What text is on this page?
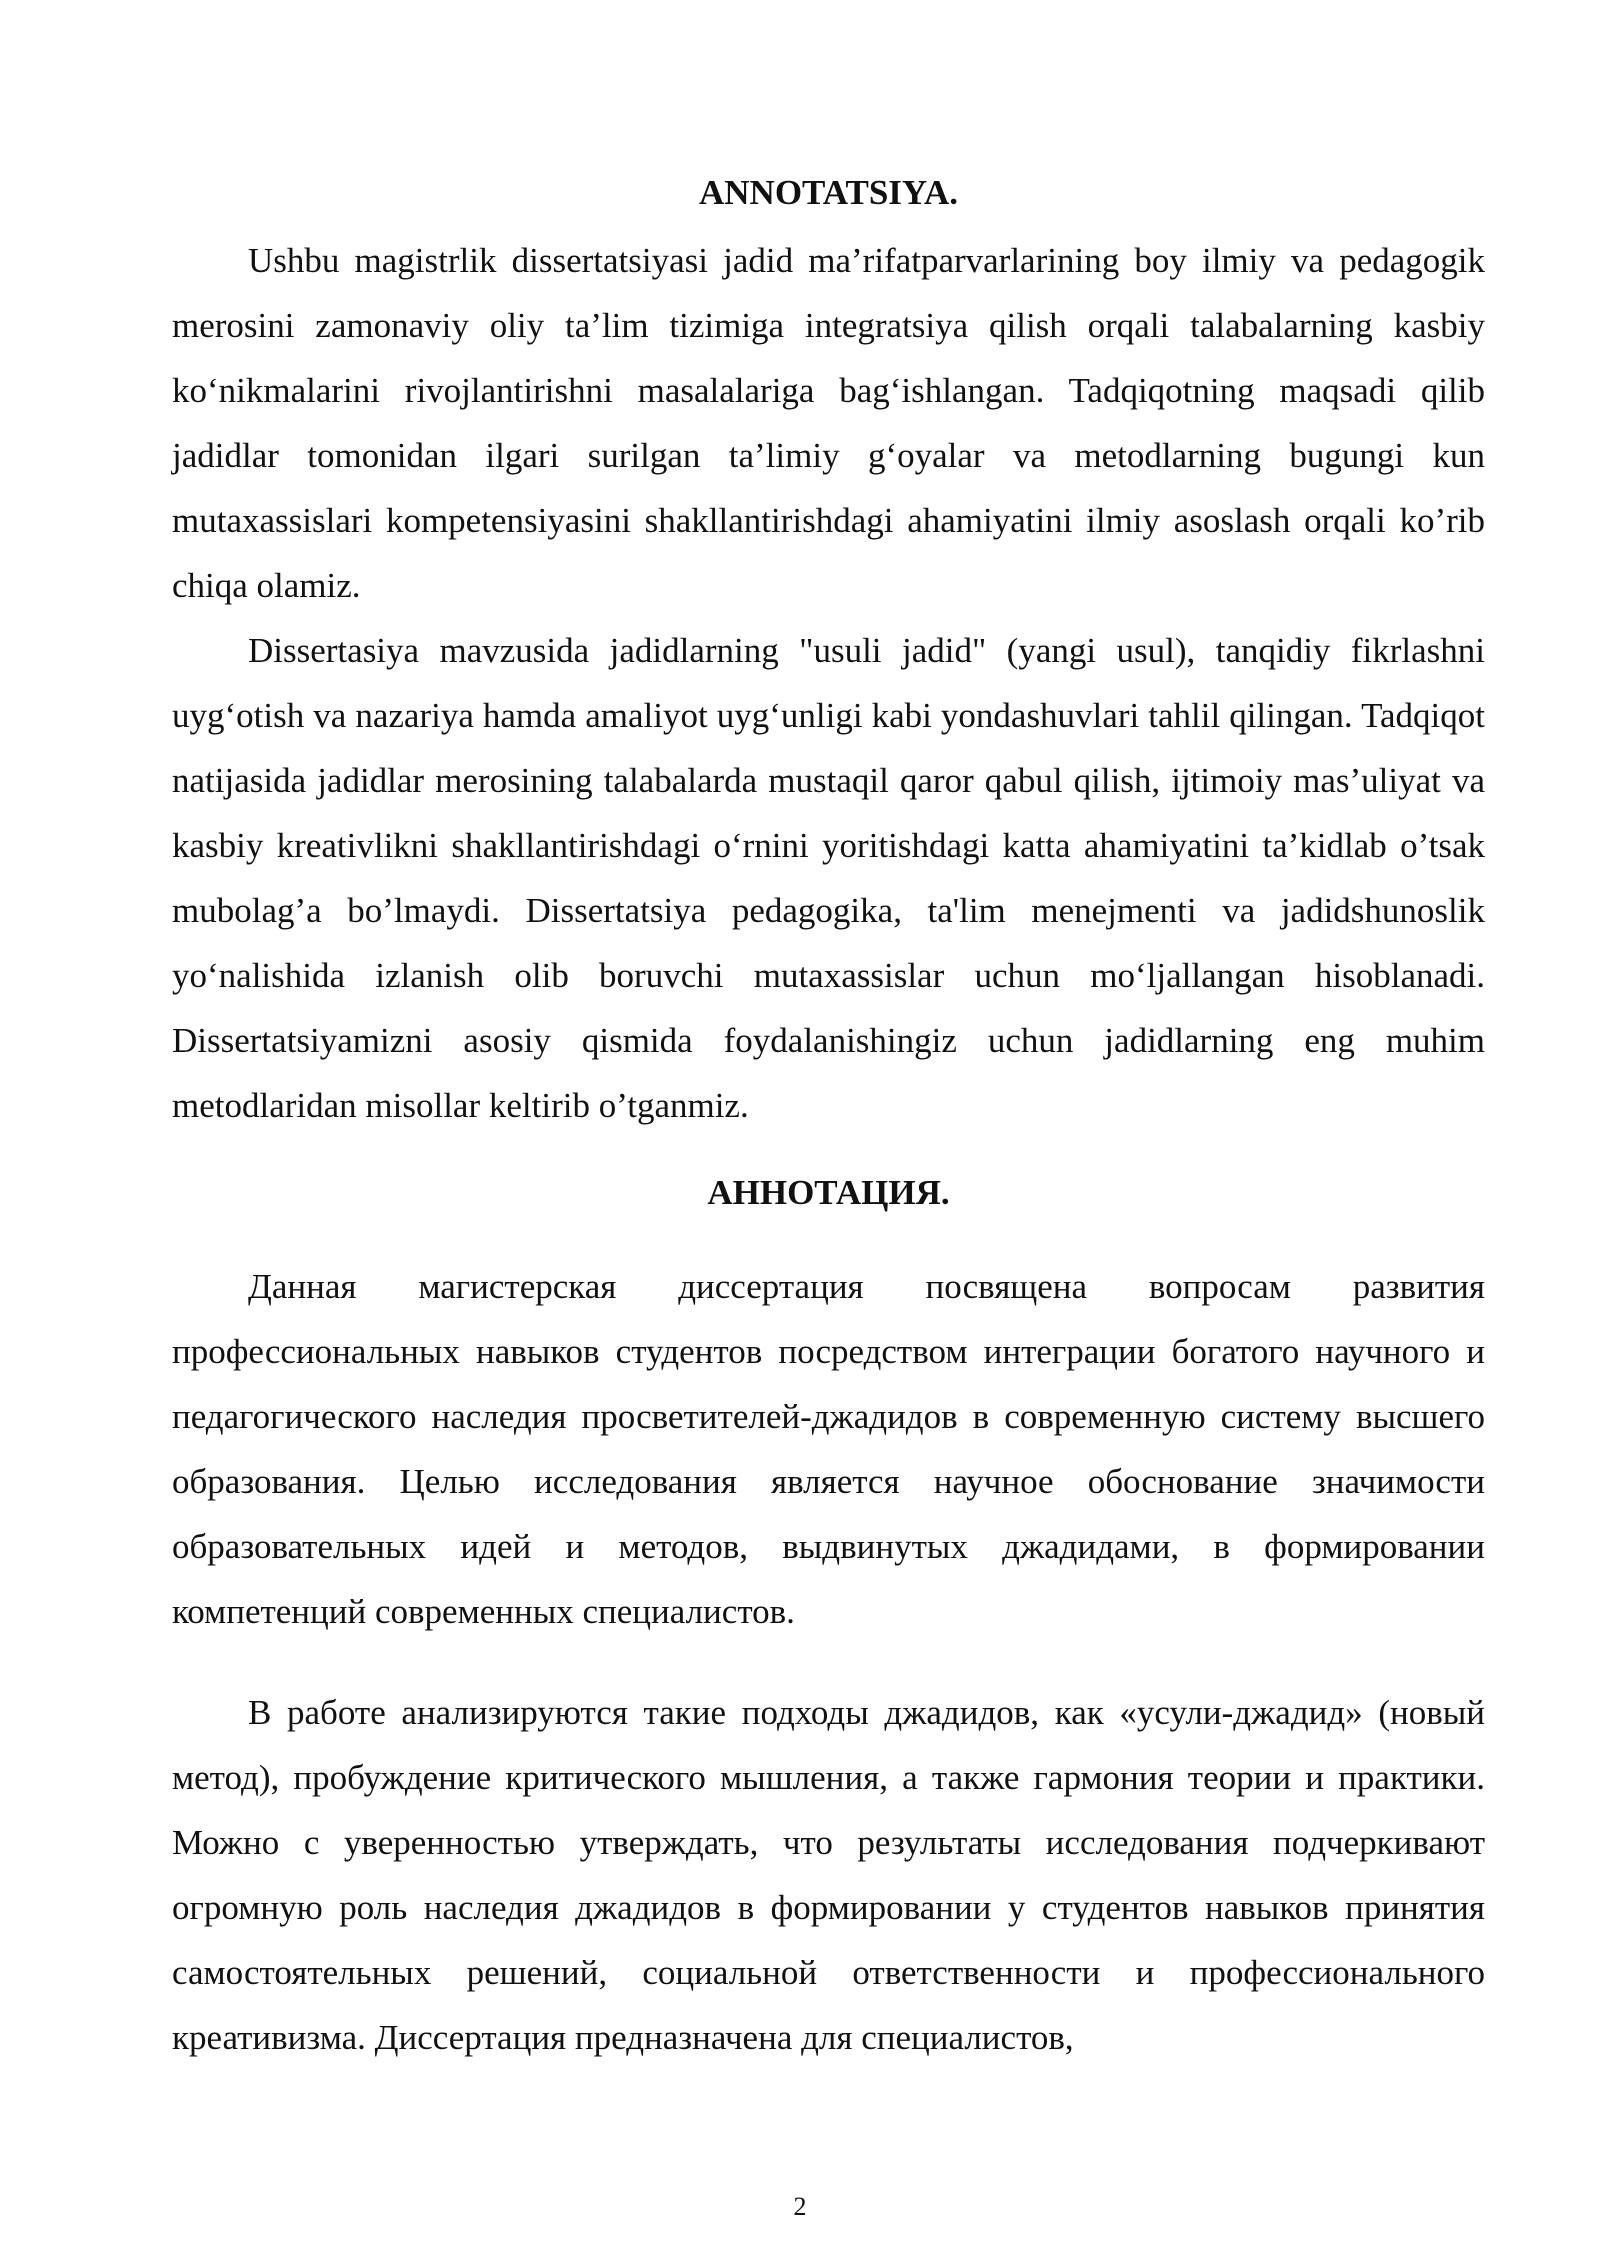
ANNOTATSIYA.

Ushbu magistrlik dissertatsiyasi jadid ma’rifatparvarlarining boy ilmiy va pedagogik merosini zamonaviy oliy ta’lim tizimiga integratsiya qilish orqali talabalarning kasbiy ko‘nikmalarini rivojlantirishni masalalariga bag‘ishlangan. Tadqiqotning maqsadi qilib jadidlar tomonidan ilgari surilgan ta’limiy g‘oyalar va metodlarning bugungi kun mutaxassislari kompetensiyasini shakllantirishdagi ahamiyatini ilmiy asoslash orqali ko’rib chiqa olamiz.

Dissertasiya mavzusida jadidlarning "usuli jadid" (yangi usul), tanqidiy fikrlashni uyg‘otish va nazariya hamda amaliyot uyg‘unligi kabi yondashuvlari tahlil qilingan. Tadqiqot natijasida jadidlar merosining talabalarda mustaqil qaror qabul qilish, ijtimoiy mas’uliyat va kasbiy kreativlikni shakllantirishdagi o‘rnini yoritishdagi katta ahamiyatini ta’kidlab o’tsak mubolag’a bo’lmaydi. Dissertatsiya pedagogika, ta'lim menejmenti va jadidshunoslik yo‘nalishida izlanish olib boruvchi mutaxassislar uchun mo‘ljallangan hisoblanadi. Dissertatsiyamizni asosiy qismida foydalanishingiz uchun jadidlarning eng muhim metodlaridan misollar keltirib o’tganmiz.

АННОТАЦИЯ.

Данная магистерская диссертация посвящена вопросам развития профессиональных навыков студентов посредством интеграции богатого научного и педагогического наследия просветителей-джадидов в современную систему высшего образования. Целью исследования является научное обоснование значимости образовательных идей и методов, выдвинутых джадидами, в формировании компетенций современных специалистов.

В работе анализируются такие подходы джадидов, как «усули-джадид» (новый метод), пробуждение критического мышления, а также гармония теории и практики. Можно с уверенностью утверждать, что результаты исследования подчеркивают огромную роль наследия джадидов в формировании у студентов навыков принятия самостоятельных решений, социальной ответственности и профессионального креативизма. Диссертация предназначена для специалистов,

2
